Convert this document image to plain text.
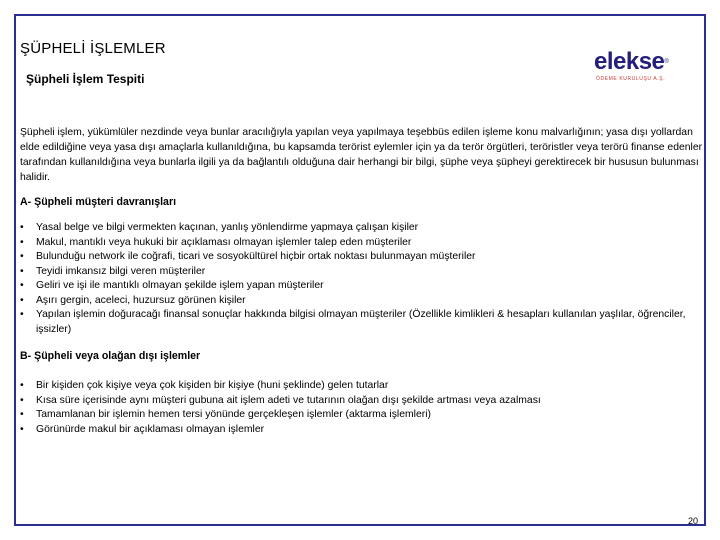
ŞÜPHELİ İŞLEMLER
Şüpheli İşlem Tespiti
elekse®
ÖDEME KURULUŞU A.Ş.
Şüpheli işlem, yükümlüler nezdinde veya bunlar aracılığıyla yapılan veya yapılmaya teşebbüs edilen işleme konu malvarlığının; yasa dışı yollardan elde edildiğine veya yasa dışı amaçlarla kullanıldığına, bu kapsamda terörist eylemler için ya da terör örgütleri, teröristler veya terörü finanse edenler tarafından kullanıldığına veya bunlarla ilgili ya da bağlantılı olduğuna dair herhangi bir bilgi, şüphe veya şüpheyi gerektirecek bir hususun bulunması halidir.
A- Şüpheli müşteri davranışları
• Yasal belge ve bilgi vermekten kaçınan, yanlış yönlendirme yapmaya çalışan kişiler
• Makul, mantıklı veya hukuki bir açıklaması olmayan işlemler talep eden müşteriler
• Bulunduğu network ile coğrafi, ticari ve sosyokültürel hiçbir ortak noktası bulunmayan müşteriler
• Teyidi imkansız bilgi veren müşteriler
• Geliri ve işi ile mantıklı olmayan şekilde işlem yapan müşteriler
• Aşırı gergin, aceleci, huzursuz görünen kişiler
• Yapılan işlemin doğuracağı finansal sonuçlar hakkında bilgisi olmayan müşteriler (Özellikle kimlikleri & hesapları kullanılan yaşlılar, öğrenciler, işsizler)
B- Şüpheli veya olağan dışı işlemler
• Bir kişiden çok kişiye veya çok kişiden bir kişiye (huni şeklinde) gelen tutarlar
• Kısa süre içerisinde aynı müşteri gubuna ait işlem adeti ve tutarının olağan dışı şekilde artması veya azalması
• Tamamlanan bir işlemin hemen tersi yönünde gerçekleşen işlemler (aktarma işlemleri)
• Görünürde makul bir açıklaması olmayan işlemler
20
